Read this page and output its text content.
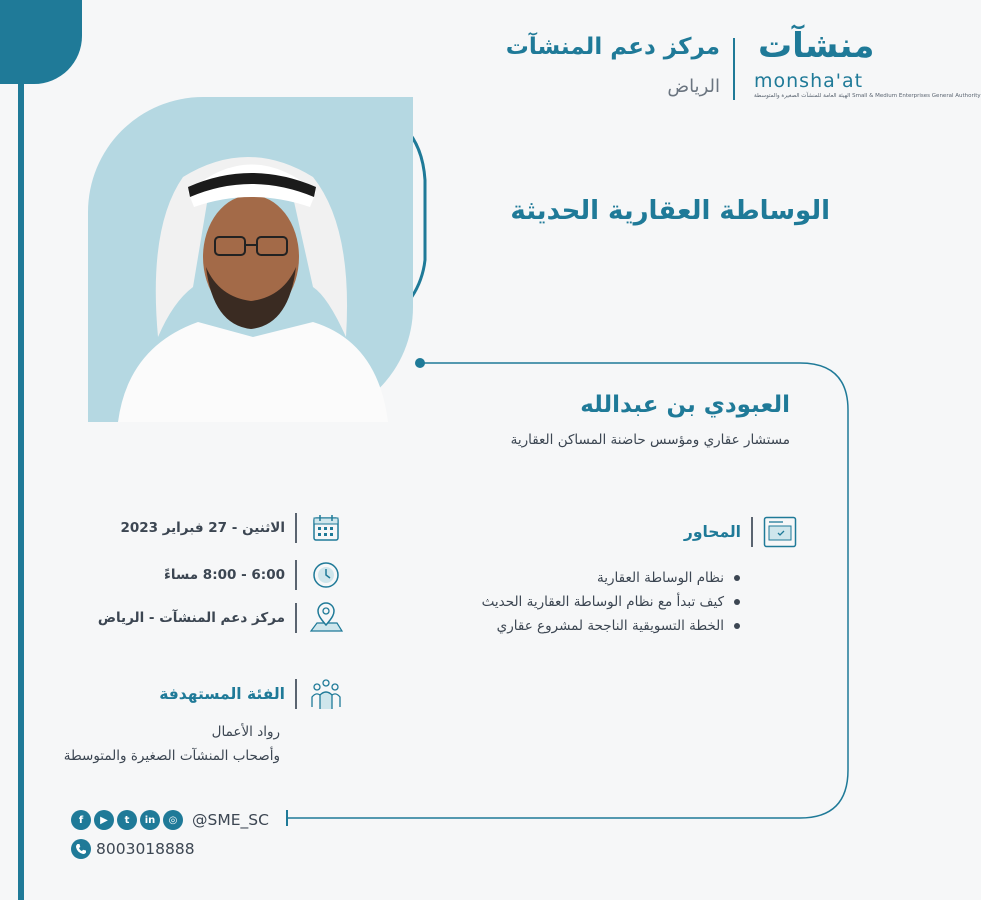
مركز دعم المنشآت
الرياض
منشآت
monsha'at
الهيئة العامة للمنشآت الصغيرة والمتوسطة Small & Medium Enterprises General Authority
الوساطة العقارية الحديثة
العبودي بن عبدالله
مستشار عقاري ومؤسس حاضنة المساكن العقارية
المحاور
نظام الوساطة العقارية
كيف تبدأ مع نظام الوساطة العقارية الحديث
الخطة التسويقية الناجحة لمشروع عقاري
الاثنين - 27 فبراير 2023
6:00 - 8:00 مساءً
مركز دعم المنشآت - الرياض
الفئة المستهدفة
رواد الأعمال
وأصحاب المنشآت الصغيرة والمتوسطة
f	▶	t	in	◎ @SME_SC
8003018888
